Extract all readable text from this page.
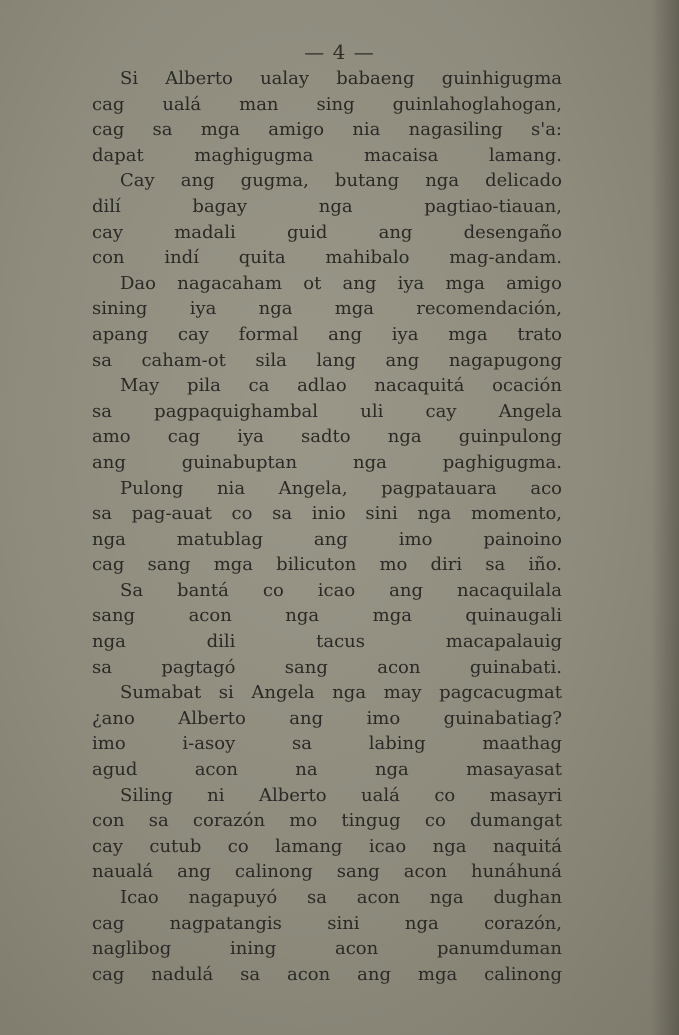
— 4 —

Si Alberto ualay babaeng guinhigugma
cag ualá man sing guinlahoglahogan,
cag sa mga amigo nia nagasiling s'a:
dapat maghigugma macaisa lamang.
Cay ang gugma, butang nga delicado
dilí bagay nga pagtiao-tiauan,
cay madali guid ang desengaño
con indí quita mahibalo mag-andam.
Dao nagacaham ot ang iya mga amigo
sining iya nga mga recomendación,
apang cay formal ang iya mga trato
sa caham-ot sila lang ang nagapugong
May pila ca adlao nacaquitá ocación
sa pagpaquighambal uli cay Angela
amo cag iya sadto nga guinpulong
ang guinabuptan nga paghigugma.
Pulong nia Angela, pagpatauara aco
sa pag-auat co sa inio sini nga momento,
nga matublag ang imo painoino
cag sang mga bilicuton mo diri sa iño.
Sa bantá co icao ang nacaquilala
sang acon nga mga quinaugali
nga dili tacus macapalauig
sa pagtagó sang acon guinabati.
Sumabat si Angela nga may pagcacugmat
¿ano Alberto ang imo guinabatiag?
imo i-asoy sa labing maathag
agud acon na nga masayasat
Siling ni Alberto ualá co masayri
con sa corazón mo tingug co dumangat
cay cutub co lamang icao nga naquitá
naualá ang calinong sang acon hunáhuná
Icao nagapuyó sa acon nga dughan
cag nagpatangis sini nga corazón,
naglibog ining acon panumduman
cag nadulá sa acon ang mga calinong
